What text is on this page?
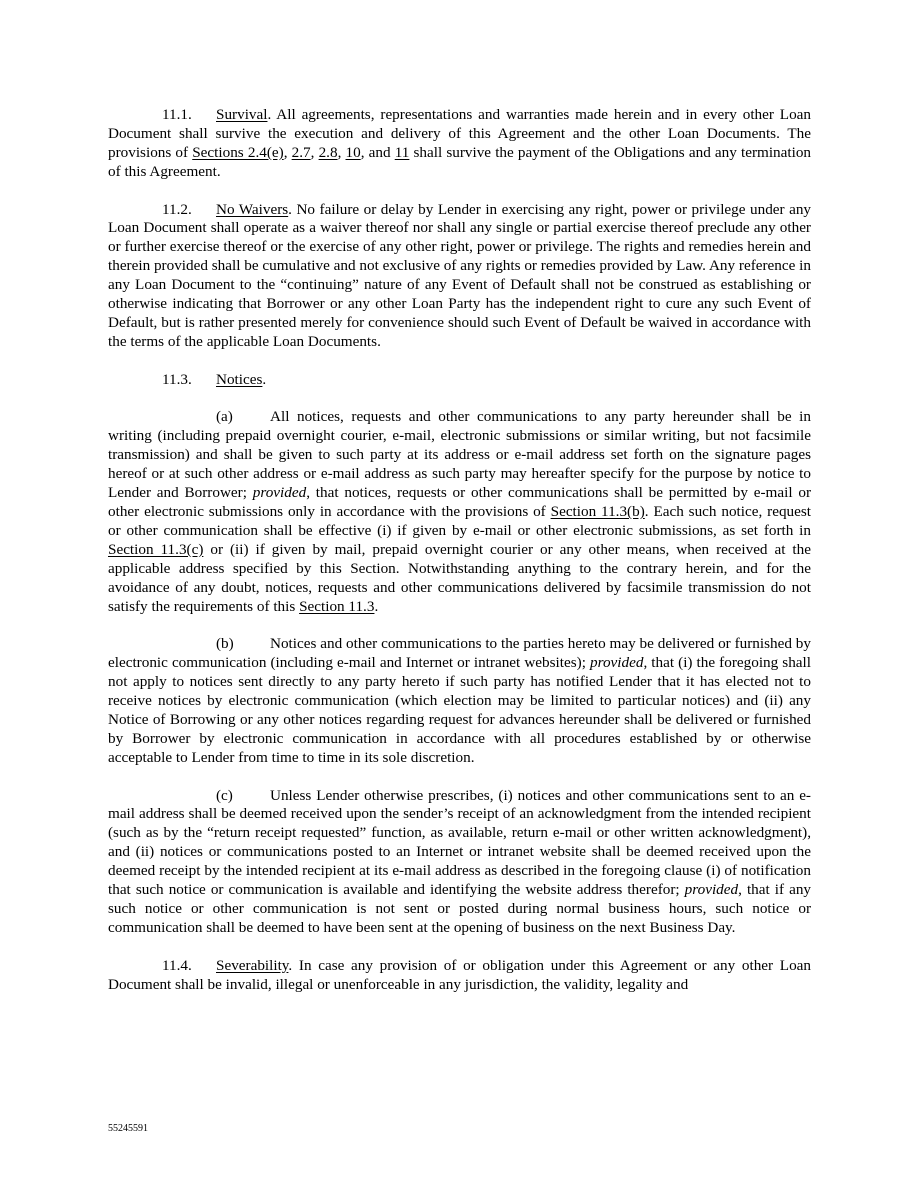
11.1. Survival. All agreements, representations and warranties made herein and in every other Loan Document shall survive the execution and delivery of this Agreement and the other Loan Documents. The provisions of Sections 2.4(e), 2.7, 2.8, 10, and 11 shall survive the payment of the Obligations and any termination of this Agreement.

11.2. No Waivers. No failure or delay by Lender in exercising any right, power or privilege under any Loan Document shall operate as a waiver thereof nor shall any single or partial exercise thereof preclude any other or further exercise thereof or the exercise of any other right, power or privilege. The rights and remedies herein and therein provided shall be cumulative and not exclusive of any rights or remedies provided by Law. Any reference in any Loan Document to the “continuing” nature of any Event of Default shall not be construed as establishing or otherwise indicating that Borrower or any other Loan Party has the independent right to cure any such Event of Default, but is rather presented merely for convenience should such Event of Default be waived in accordance with the terms of the applicable Loan Documents.

11.3. Notices.

(a) All notices, requests and other communications to any party hereunder shall be in writing (including prepaid overnight courier, e-mail, electronic submissions or similar writing, but not facsimile transmission) and shall be given to such party at its address or e-mail address set forth on the signature pages hereof or at such other address or e-mail address as such party may hereafter specify for the purpose by notice to Lender and Borrower; provided, that notices, requests or other communications shall be permitted by e-mail or other electronic submissions only in accordance with the provisions of Section 11.3(b). Each such notice, request or other communication shall be effective (i) if given by e-mail or other electronic submissions, as set forth in Section 11.3(c) or (ii) if given by mail, prepaid overnight courier or any other means, when received at the applicable address specified by this Section. Notwithstanding anything to the contrary herein, and for the avoidance of any doubt, notices, requests and other communications delivered by facsimile transmission do not satisfy the requirements of this Section 11.3.

(b) Notices and other communications to the parties hereto may be delivered or furnished by electronic communication (including e-mail and Internet or intranet websites); provided, that (i) the foregoing shall not apply to notices sent directly to any party hereto if such party has notified Lender that it has elected not to receive notices by electronic communication (which election may be limited to particular notices) and (ii) any Notice of Borrowing or any other notices regarding request for advances hereunder shall be delivered or furnished by Borrower by electronic communication in accordance with all procedures established by or otherwise acceptable to Lender from time to time in its sole discretion.

(c) Unless Lender otherwise prescribes, (i) notices and other communications sent to an e-mail address shall be deemed received upon the sender’s receipt of an acknowledgment from the intended recipient (such as by the “return receipt requested” function, as available, return e-mail or other written acknowledgment), and (ii) notices or communications posted to an Internet or intranet website shall be deemed received upon the deemed receipt by the intended recipient at its e-mail address as described in the foregoing clause (i) of notification that such notice or communication is available and identifying the website address therefor; provided, that if any such notice or other communication is not sent or posted during normal business hours, such notice or communication shall be deemed to have been sent at the opening of business on the next Business Day.

11.4. Severability. In case any provision of or obligation under this Agreement or any other Loan Document shall be invalid, illegal or unenforceable in any jurisdiction, the validity, legality and

55245591
